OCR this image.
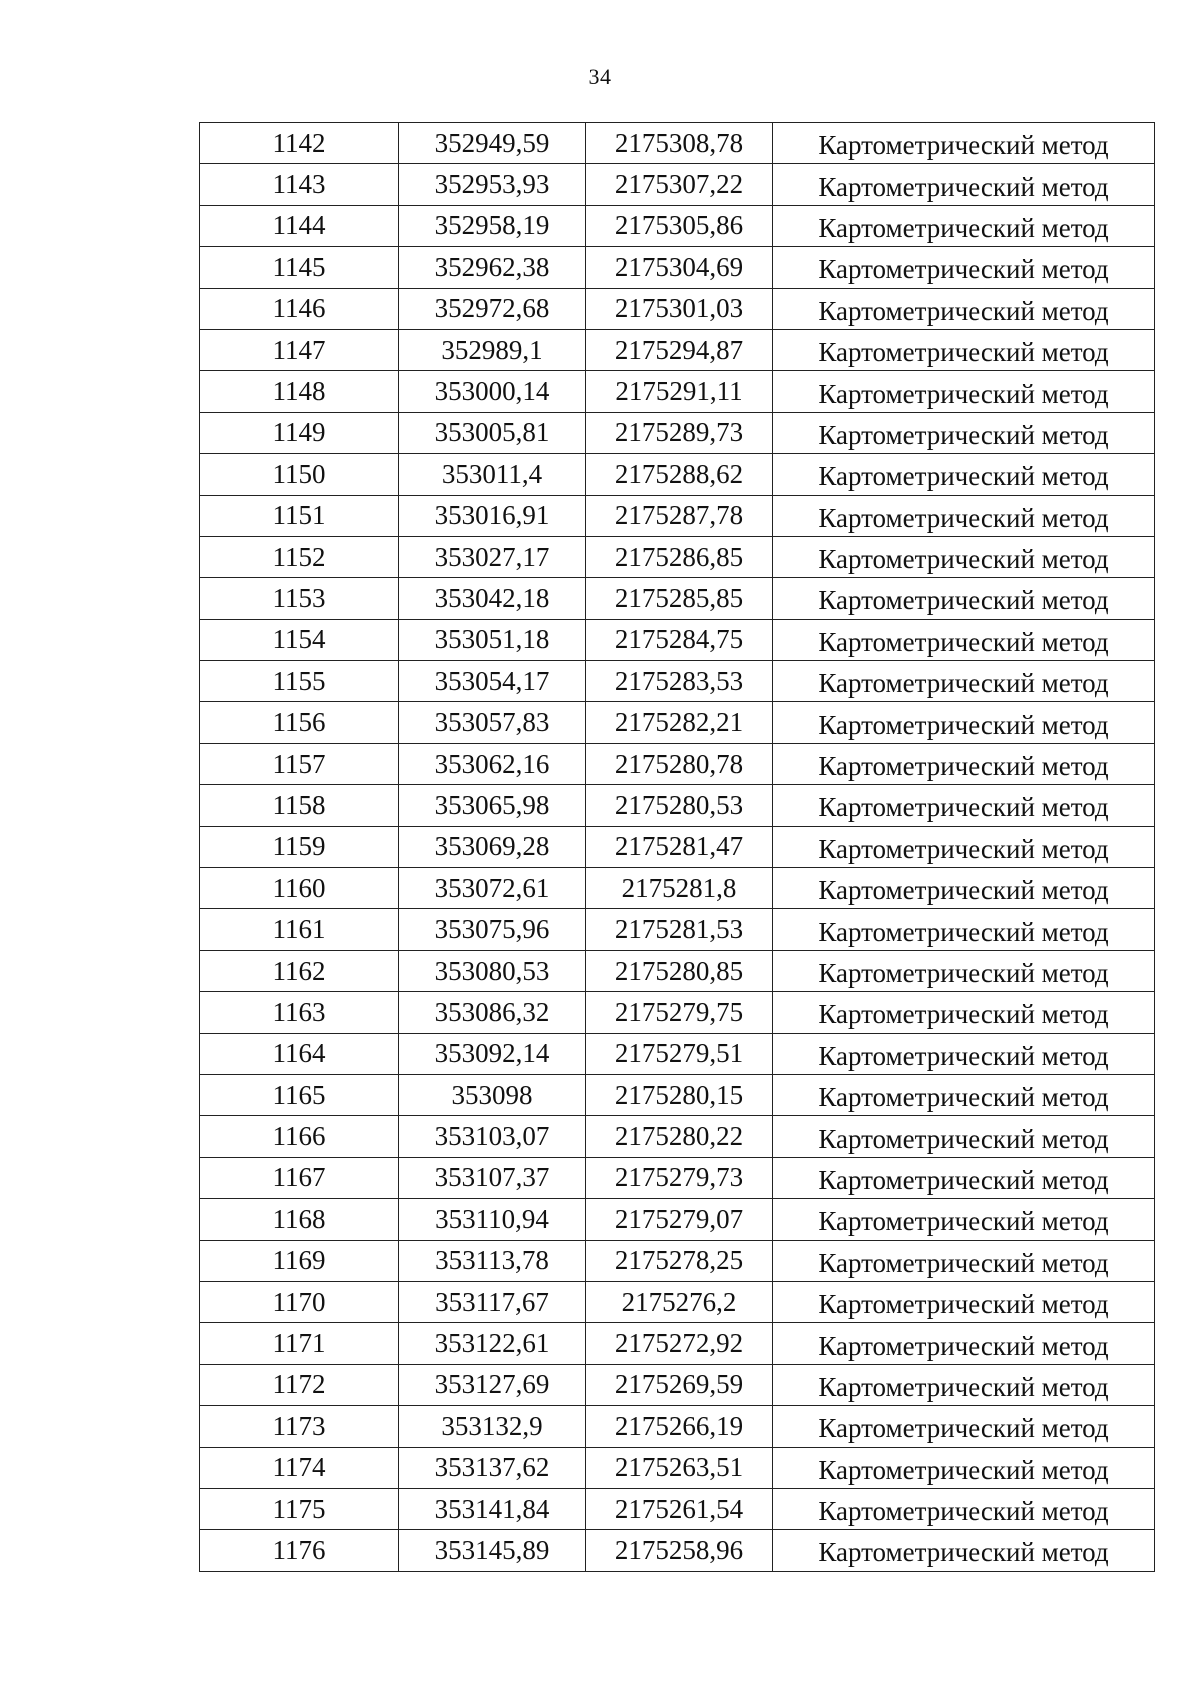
34
1142	352949,59	2175308,78	Картометрический метод
1143	352953,93	2175307,22	Картометрический метод
1144	352958,19	2175305,86	Картометрический метод
1145	352962,38	2175304,69	Картометрический метод
1146	352972,68	2175301,03	Картометрический метод
1147	352989,1	2175294,87	Картометрический метод
1148	353000,14	2175291,11	Картометрический метод
1149	353005,81	2175289,73	Картометрический метод
1150	353011,4	2175288,62	Картометрический метод
1151	353016,91	2175287,78	Картометрический метод
1152	353027,17	2175286,85	Картометрический метод
1153	353042,18	2175285,85	Картометрический метод
1154	353051,18	2175284,75	Картометрический метод
1155	353054,17	2175283,53	Картометрический метод
1156	353057,83	2175282,21	Картометрический метод
1157	353062,16	2175280,78	Картометрический метод
1158	353065,98	2175280,53	Картометрический метод
1159	353069,28	2175281,47	Картометрический метод
1160	353072,61	2175281,8	Картометрический метод
1161	353075,96	2175281,53	Картометрический метод
1162	353080,53	2175280,85	Картометрический метод
1163	353086,32	2175279,75	Картометрический метод
1164	353092,14	2175279,51	Картометрический метод
1165	353098	2175280,15	Картометрический метод
1166	353103,07	2175280,22	Картометрический метод
1167	353107,37	2175279,73	Картометрический метод
1168	353110,94	2175279,07	Картометрический метод
1169	353113,78	2175278,25	Картометрический метод
1170	353117,67	2175276,2	Картометрический метод
1171	353122,61	2175272,92	Картометрический метод
1172	353127,69	2175269,59	Картометрический метод
1173	353132,9	2175266,19	Картометрический метод
1174	353137,62	2175263,51	Картометрический метод
1175	353141,84	2175261,54	Картометрический метод
1176	353145,89	2175258,96	Картометрический метод
